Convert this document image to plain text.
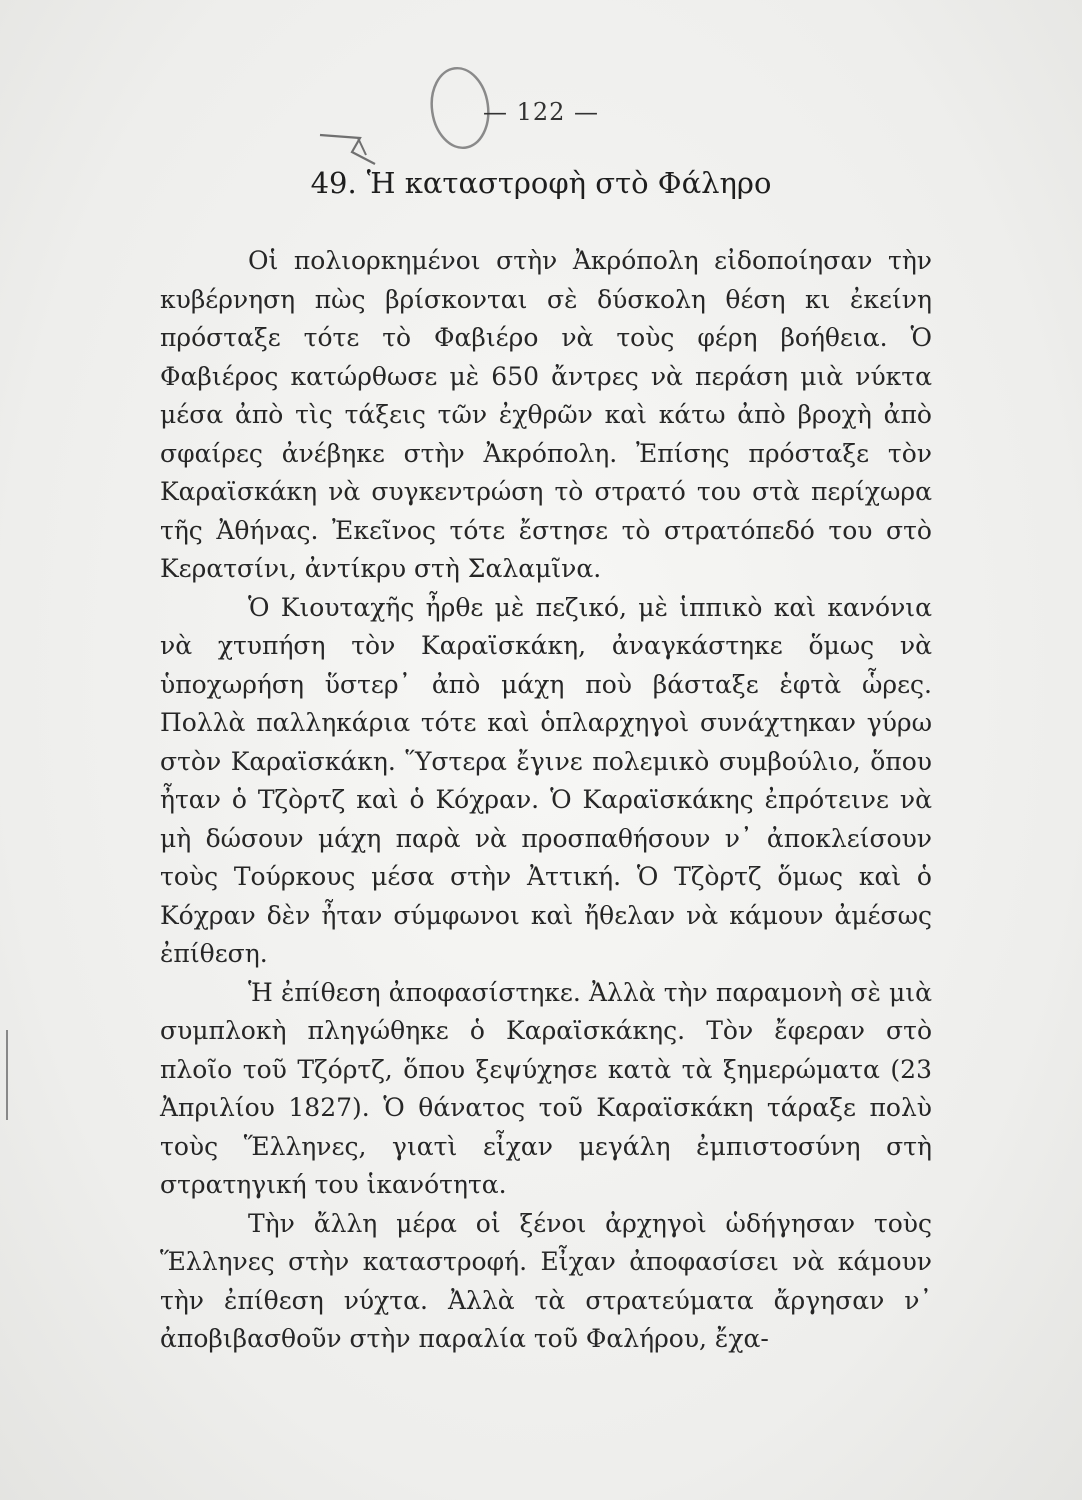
— 122 —
49. Ἡ καταστροφὴ στὸ Φάληρο

Οἱ πολιορκημένοι στὴν Ἀκρόπολη εἰδοποίησαν τὴν κυβέρνηση πὼς βρίσκονται σὲ δύσκολη θέση κι ἐκείνη πρόσταξε τότε τὸ Φαβιέρο νὰ τοὺς φέρη βοήθεια. Ὁ Φαβιέρος κατώρθωσε μὲ 650 ἄντρες νὰ περάση μιὰ νύκτα μέσα ἀπὸ τὶς τάξεις τῶν ἐχθρῶν καὶ κάτω ἀπὸ βροχὴ ἀπὸ σφαίρες ἀνέβηκε στὴν Ἀκρόπολη. Ἐπίσης πρόσταξε τὸν Καραϊσκάκη νὰ συγκεντρώση τὸ στρατό του στὰ περίχωρα τῆς Ἀθήνας. Ἐκεῖνος τότε ἔστησε τὸ στρατόπεδό του στὸ Κερατσίνι, ἀντίκρυ στὴ Σαλαμῖνα.

Ὁ Κιουταχῆς ἦρθε μὲ πεζικό, μὲ ἱππικὸ καὶ κανόνια νὰ χτυπήση τὸν Καραϊσκάκη, ἀναγκάστηκε ὅμως νὰ ὑποχωρήση ὕστερ᾽ ἀπὸ μάχη ποὺ βάσταξε ἑφτὰ ὧρες. Πολλὰ παλληκάρια τότε καὶ ὁπλαρχηγοὶ συνάχτηκαν γύρω στὸν Καραϊσκάκη. Ὕστερα ἔγινε πολεμικὸ συμβούλιο, ὅπου ἦταν ὁ Τζὸρτζ καὶ ὁ Κόχραν. Ὁ Καραϊσκάκης ἐπρότεινε νὰ μὴ δώσουν μάχη παρὰ νὰ προσπαθήσουν ν᾽ ἀποκλείσουν τοὺς Τούρκους μέσα στὴν Ἀττική. Ὁ Τζὸρτζ ὅμως καὶ ὁ Κόχραν δὲν ἦταν σύμφωνοι καὶ ἤθελαν νὰ κάμουν ἀμέσως ἐπίθεση.

Ἡ ἐπίθεση ἀποφασίστηκε. Ἀλλὰ τὴν παραμονὴ σὲ μιὰ συμπλοκὴ πληγώθηκε ὁ Καραϊσκάκης. Τὸν ἔφεραν στὸ πλοῖο τοῦ Τζόρτζ, ὅπου ξεψύχησε κατὰ τὰ ξημερώματα (23 Ἀπριλίου 1827). Ὁ θάνατος τοῦ Καραϊσκάκη τάραξε πολὺ τοὺς Ἕλληνες, γιατὶ εἶχαν μεγάλη ἐμπιστοσύνη στὴ στρατηγική του ἱκανότητα.

Τὴν ἄλλη μέρα οἱ ξένοι ἀρχηγοὶ ὡδήγησαν τοὺς Ἕλληνες στὴν καταστροφή. Εἶχαν ἀποφασίσει νὰ κάμουν τὴν ἐπίθεση νύχτα. Ἀλλὰ τὰ στρατεύματα ἄργησαν ν᾽ ἀποβιβασθοῦν στὴν παραλία τοῦ Φαλήρου, ἔχα-
